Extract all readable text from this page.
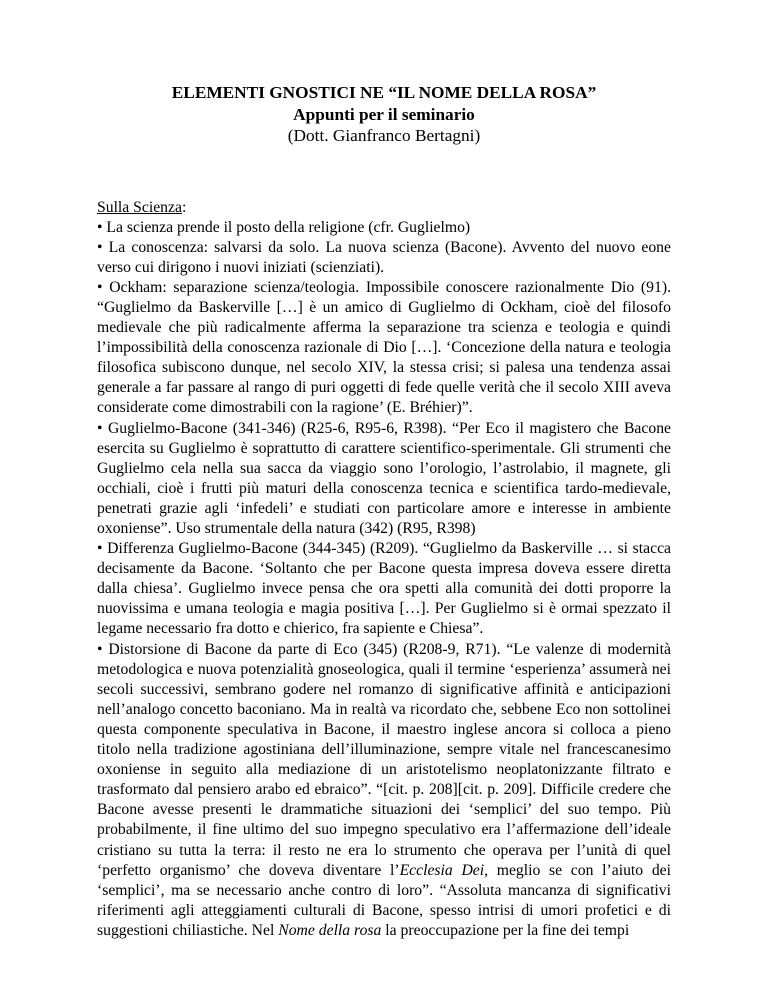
ELEMENTI GNOSTICI NE “IL NOME DELLA ROSA”
Appunti per il seminario
(Dott. Gianfranco Bertagni)
Sulla Scienza:
• La scienza prende il posto della religione (cfr. Guglielmo)
• La conoscenza: salvarsi da solo. La nuova scienza (Bacone). Avvento del nuovo eone verso cui dirigono i nuovi iniziati (scienziati).
• Ockham: separazione scienza/teologia. Impossibile conoscere razionalmente Dio (91). “Guglielmo da Baskerville […] è un amico di Guglielmo di Ockham, cioè del filosofo medievale che più radicalmente afferma la separazione tra scienza e teologia e quindi l’impossibilità della conoscenza razionale di Dio […]. ‘Concezione della natura e teologia filosofica subiscono dunque, nel secolo XIV, la stessa crisi; si palesa una tendenza assai generale a far passare al rango di puri oggetti di fede quelle verità che il secolo XIII aveva considerate come dimostrabili con la ragione’ (E. Bréhier)”.
• Guglielmo-Bacone (341-346) (R25-6, R95-6, R398). “Per Eco il magistero che Bacone esercita su Guglielmo è soprattutto di carattere scientifico-sperimentale. Gli strumenti che Guglielmo cela nella sua sacca da viaggio sono l’orologio, l’astrolabio, il magnete, gli occhiali, cioè i frutti più maturi della conoscenza tecnica e scientifica tardo-medievale, penetrati grazie agli ‘infedeli’ e studiati con particolare amore e interesse in ambiente oxoniense”. Uso strumentale della natura (342) (R95, R398)
• Differenza Guglielmo-Bacone (344-345) (R209). “Guglielmo da Baskerville … si stacca decisamente da Bacone. ‘Soltanto che per Bacone questa impresa doveva essere diretta dalla chiesa’. Guglielmo invece pensa che ora spetti alla comunità dei dotti proporre la nuovissima e umana teologia e magia positiva […]. Per Guglielmo si è ormai spezzato il legame necessario fra dotto e chierico, fra sapiente e Chiesa”.
• Distorsione di Bacone da parte di Eco (345) (R208-9, R71). “Le valenze di modernità metodologica e nuova potenzialità gnoseologica, quali il termine ‘esperienza’ assumerà nei secoli successivi, sembrano godere nel romanzo di significative affinità e anticipazioni nell’analogo concetto baconiano. Ma in realtà va ricordato che, sebbene Eco non sottolinei questa componente speculativa in Bacone, il maestro inglese ancora si colloca a pieno titolo nella tradizione agostiniana dell’illuminazione, sempre vitale nel francescanesimo oxoniense in seguito alla mediazione di un aristotelismo neoplatonizzante filtrato e trasformato dal pensiero arabo ed ebraico”. “[cit. p. 208][cit. p. 209]. Difficile credere che Bacone avesse presenti le drammatiche situazioni dei ‘semplici’ del suo tempo. Più probabilmente, il fine ultimo del suo impegno speculativo era l’affermazione dell’ideale cristiano su tutta la terra: il resto ne era lo strumento che operava per l’unità di quel ‘perfetto organismo’ che doveva diventare l’Ecclesia Dei, meglio se con l’aiuto dei ‘semplici’, ma se necessario anche contro di loro”. “Assoluta mancanza di significativi riferimenti agli atteggiamenti culturali di Bacone, spesso intrisi di umori profetici e di suggestioni chiliastiche. Nel Nome della rosa la preoccupazione per la fine dei tempi
